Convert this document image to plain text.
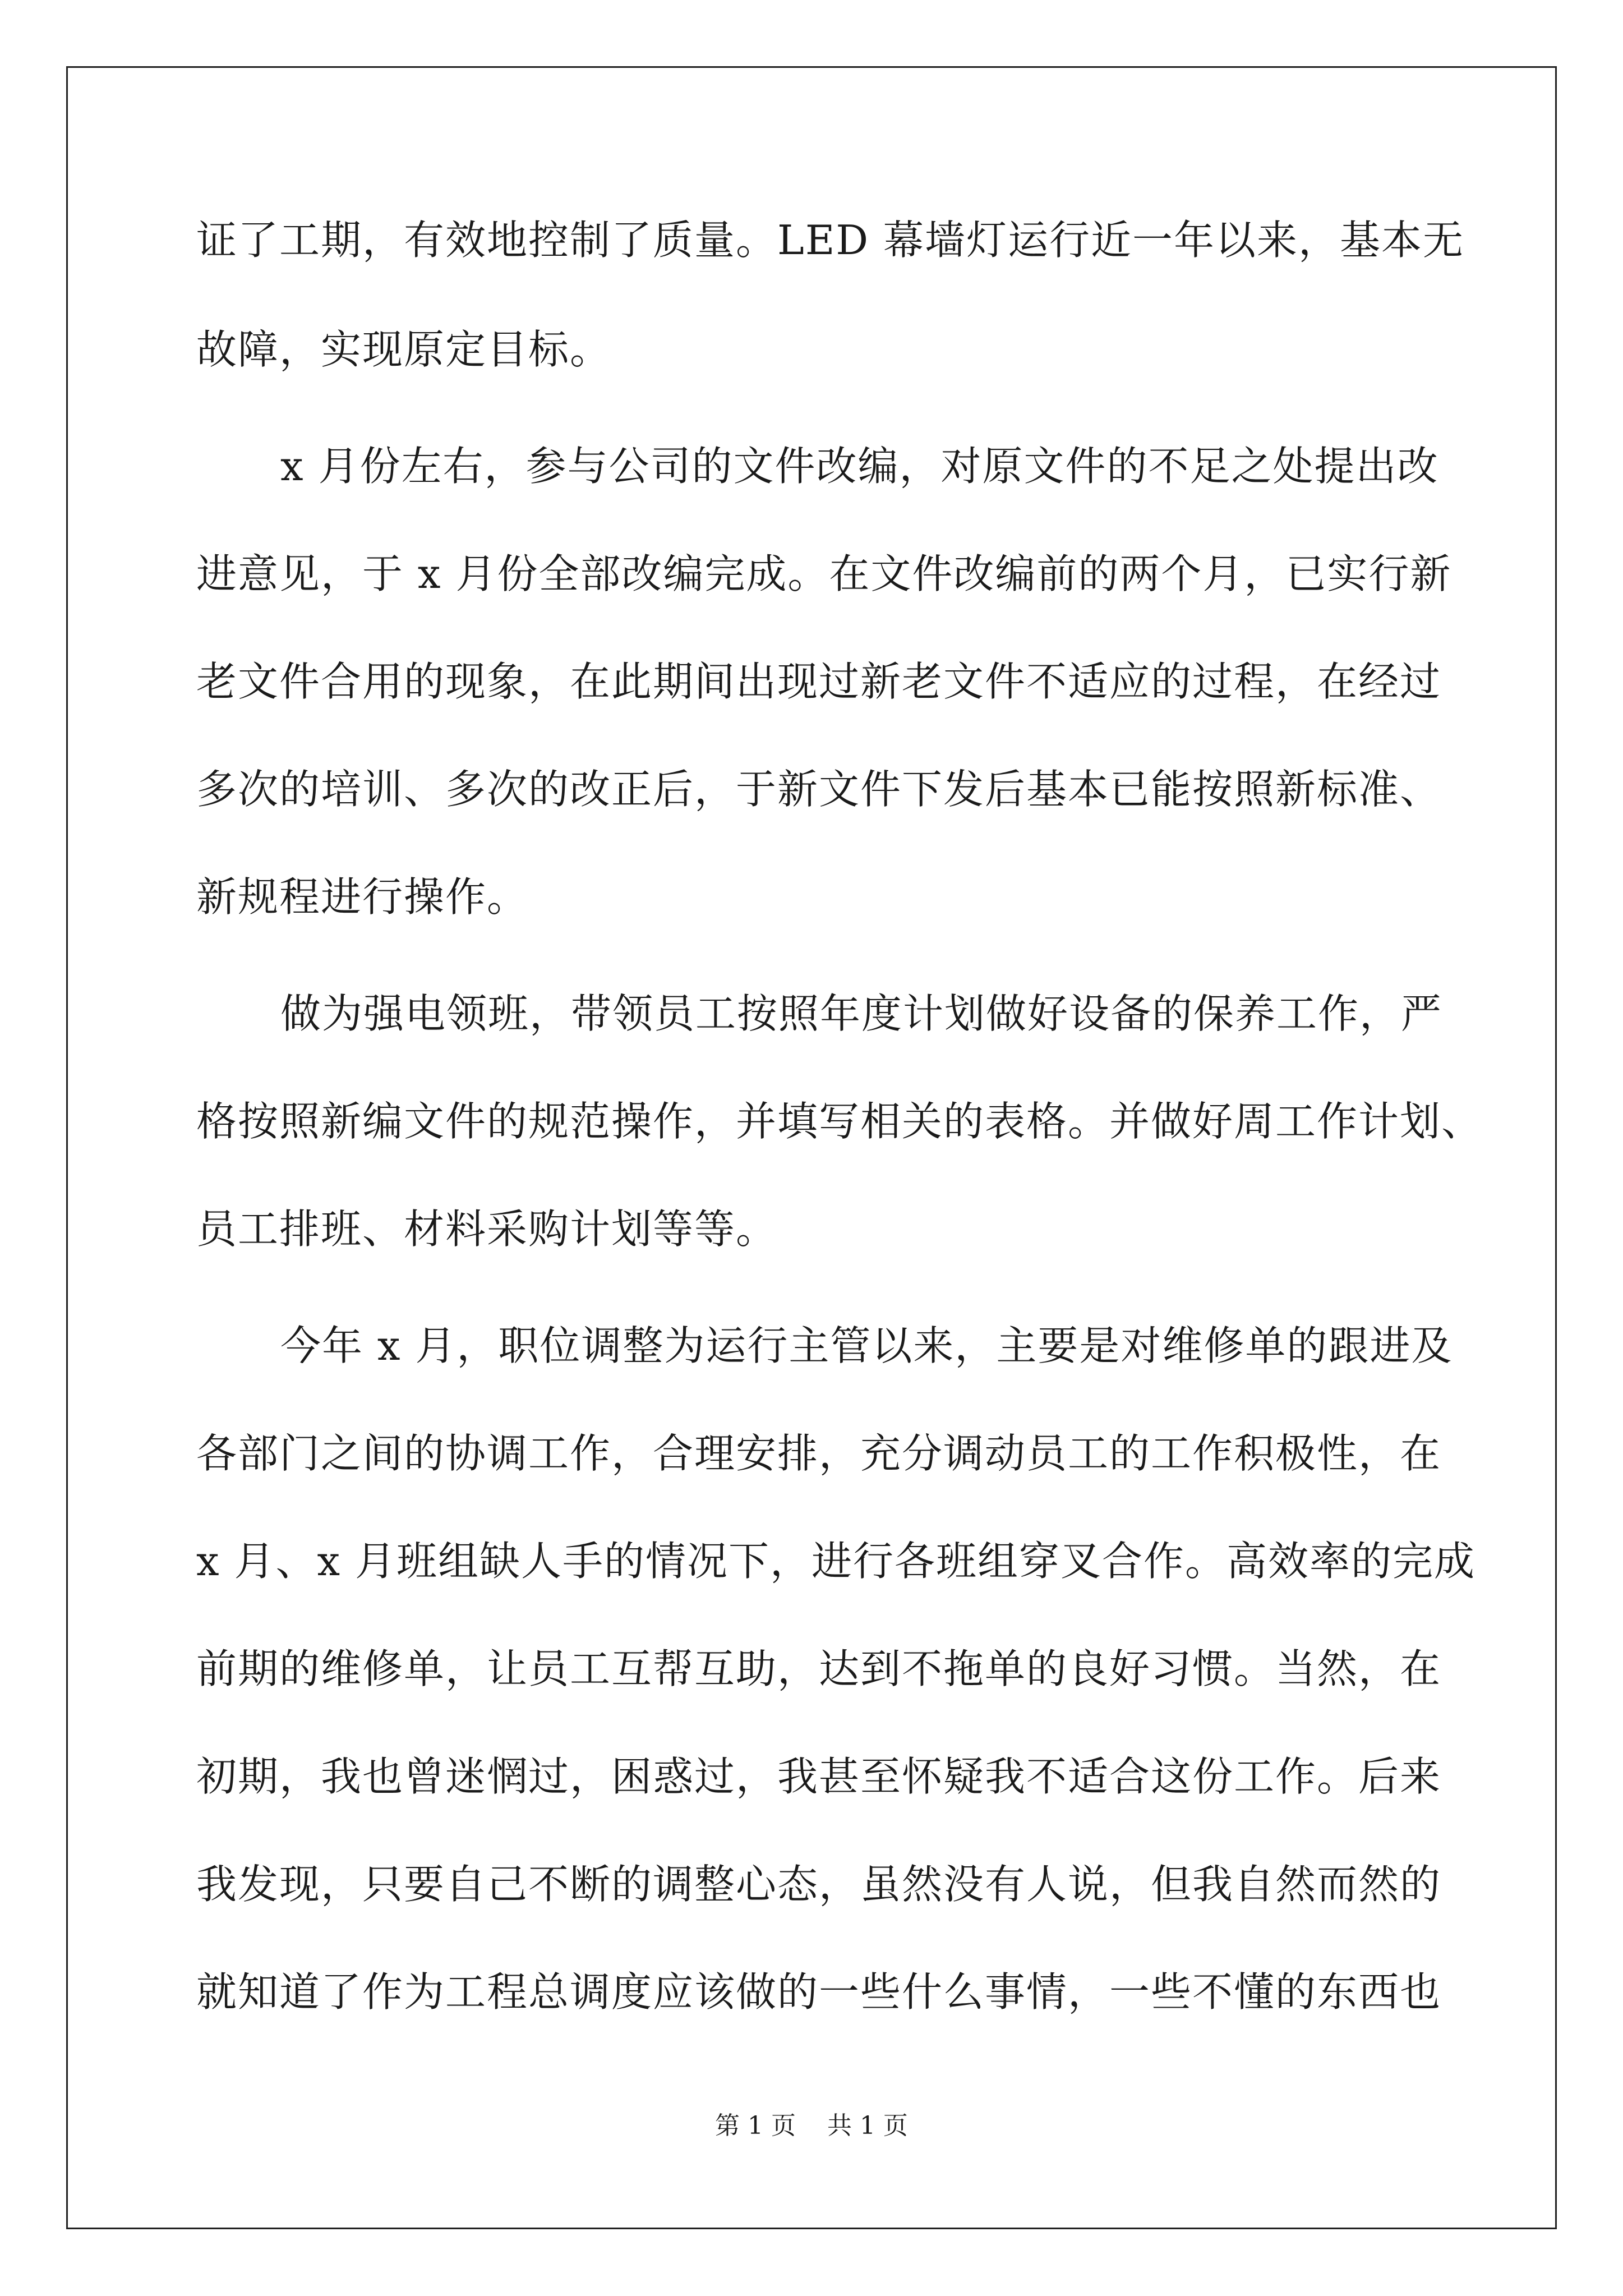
证了工期，有效地控制了质量。LED 幕墙灯运行近一年以来，基本无
故障，实现原定目标。
x 月份左右，参与公司的文件改编，对原文件的不足之处提出改
进意见，于 x 月份全部改编完成。在文件改编前的两个月，已实行新
老文件合用的现象，在此期间出现过新老文件不适应的过程，在经过
多次的培训、多次的改正后，于新文件下发后基本已能按照新标准、
新规程进行操作。
做为强电领班，带领员工按照年度计划做好设备的保养工作，严
格按照新编文件的规范操作，并填写相关的表格。并做好周工作计划、
员工排班、材料采购计划等等。
今年 x 月，职位调整为运行主管以来，主要是对维修单的跟进及
各部门之间的协调工作，合理安排，充分调动员工的工作积极性，在
x 月、x 月班组缺人手的情况下，进行各班组穿叉合作。高效率的完成
前期的维修单，让员工互帮互助，达到不拖单的良好习惯。当然，在
初期，我也曾迷惘过，困惑过，我甚至怀疑我不适合这份工作。后来
我发现，只要自己不断的调整心态，虽然没有人说，但我自然而然的
就知道了作为工程总调度应该做的一些什么事情，一些不懂的东西也
第 1 页    共 1 页
